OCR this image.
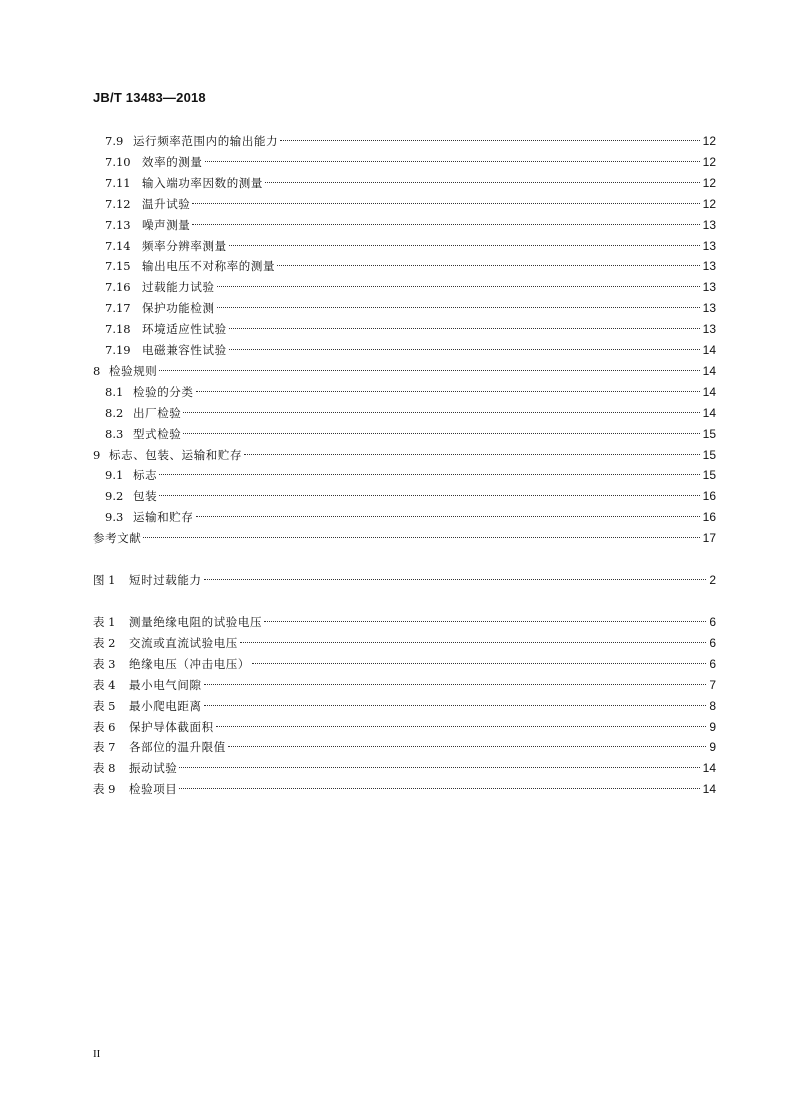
JB/T 13483—2018
7.9 运行频率范围内的输出能力	12
7.10 效率的测量	12
7.11 输入端功率因数的测量	12
7.12 温升试验	12
7.13 噪声测量	13
7.14 频率分辨率测量	13
7.15 输出电压不对称率的测量	13
7.16 过载能力试验	13
7.17 保护功能检测	13
7.18 环境适应性试验	13
7.19 电磁兼容性试验	14
8 检验规则	14
8.1 检验的分类	14
8.2 出厂检验	14
8.3 型式检验	15
9 标志、包装、运输和贮存	15
9.1 标志	15
9.2 包装	16
9.3 运输和贮存	16
参考文献	17
图 1	短时过载能力	2
表 1	测量绝缘电阻的试验电压	6
表 2	交流或直流试验电压	6
表 3	绝缘电压（冲击电压）	6
表 4	最小电气间隙	7
表 5	最小爬电距离	8
表 6	保护导体截面积	9
表 7	各部位的温升限值	9
表 8	振动试验	14
表 9	检验项目	14
II
